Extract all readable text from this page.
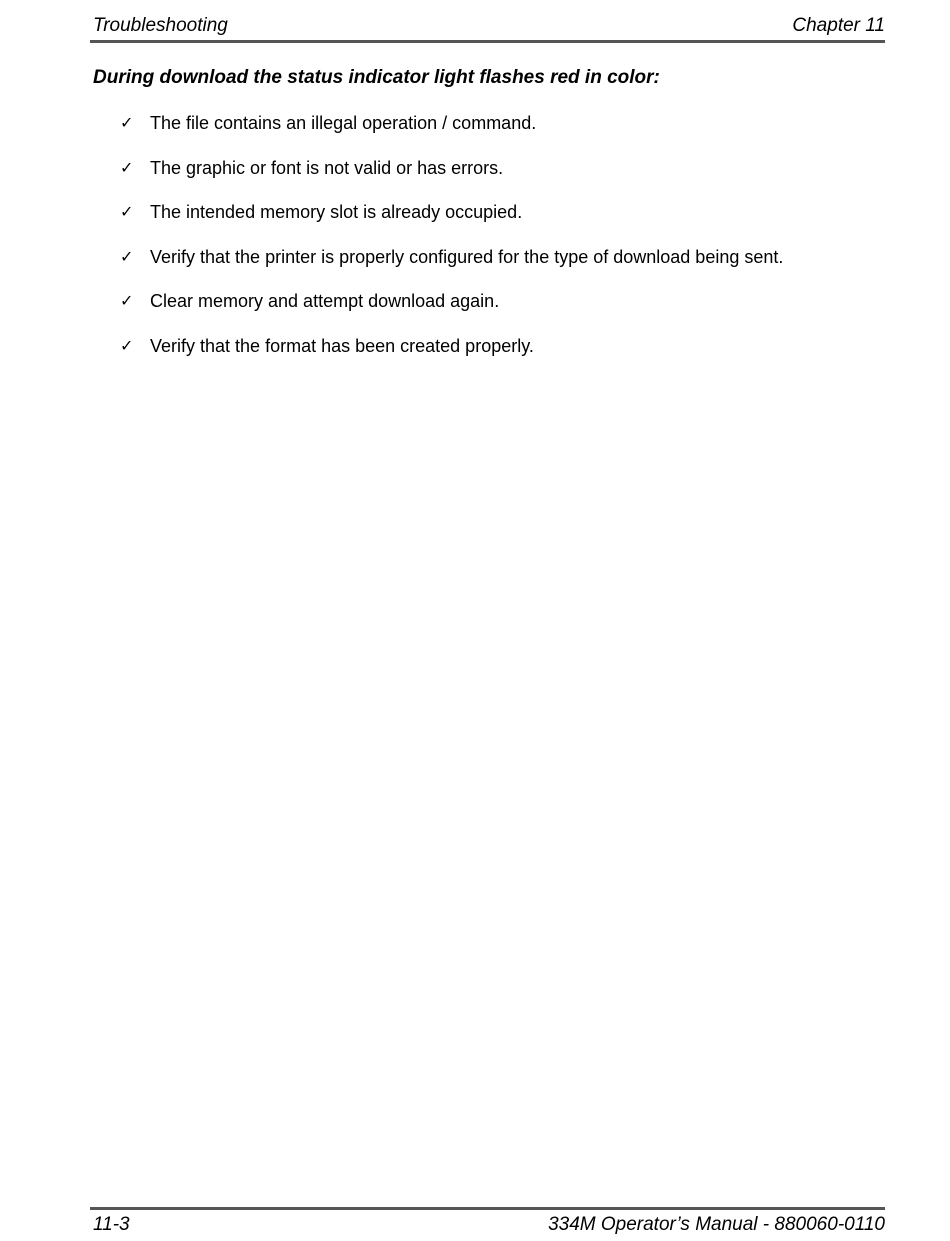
Troubleshooting	Chapter 11
During download the status indicator light flashes red in color:
✓ The file contains an illegal operation / command.
✓ The graphic or font is not valid or has errors.
✓ The intended memory slot is already occupied.
✓ Verify that the printer is properly configured for the type of download being sent.
✓ Clear memory and attempt download again.
✓ Verify that the format has been created properly.
11-3	334M Operator’s Manual - 880060-0110
